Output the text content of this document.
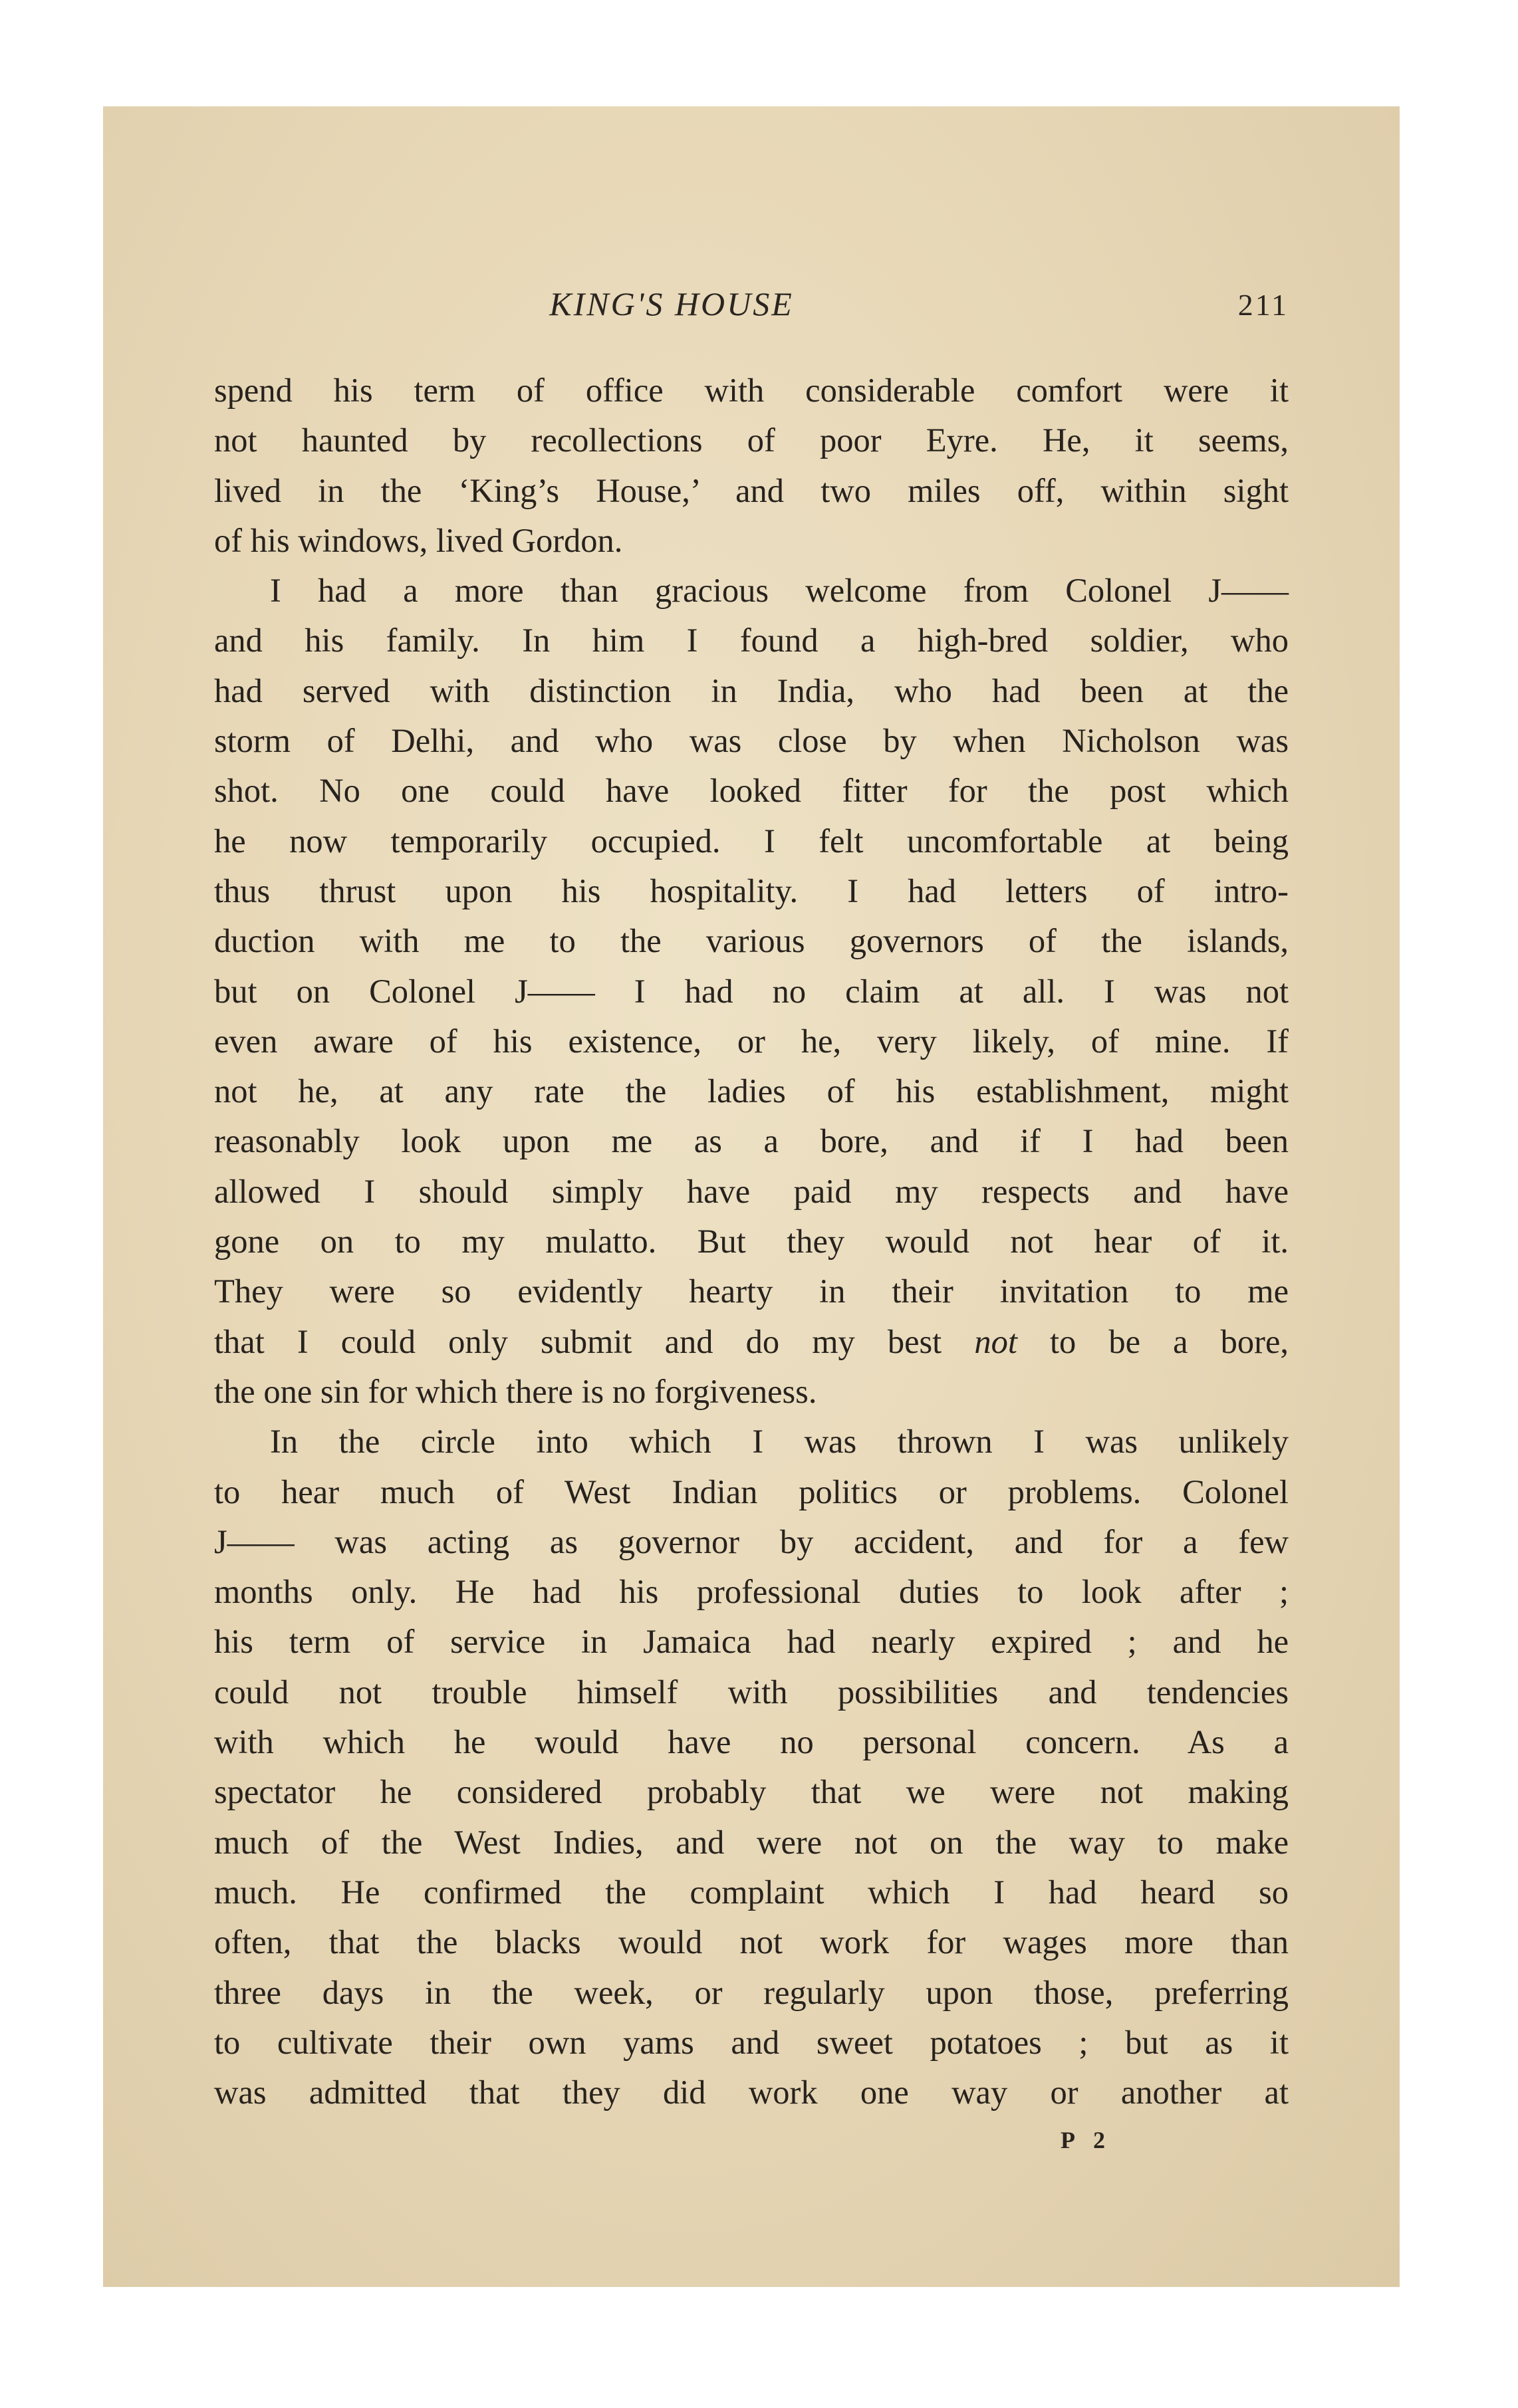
KING'S HOUSE	211
spend his term of office with considerable comfort were it
not haunted by recollections of poor Eyre. He, it seems,
lived in the ‘King’s House,’ and two miles off, within sight
of his windows, lived Gordon.
I had a more than gracious welcome from Colonel J——
and his family. In him I found a high-bred soldier, who
had served with distinction in India, who had been at the
storm of Delhi, and who was close by when Nicholson was
shot. No one could have looked fitter for the post which
he now temporarily occupied. I felt uncomfortable at being
thus thrust upon his hospitality. I had letters of intro-
duction with me to the various governors of the islands,
but on Colonel J—— I had no claim at all. I was not
even aware of his existence, or he, very likely, of mine. If
not he, at any rate the ladies of his establishment, might
reasonably look upon me as a bore, and if I had been
allowed I should simply have paid my respects and have
gone on to my mulatto. But they would not hear of it.
They were so evidently hearty in their invitation to me
that I could only submit and do my best not to be a bore,
the one sin for which there is no forgiveness.
In the circle into which I was thrown I was unlikely
to hear much of West Indian politics or problems. Colonel
J—— was acting as governor by accident, and for a few
months only. He had his professional duties to look after ;
his term of service in Jamaica had nearly expired ; and he
could not trouble himself with possibilities and tendencies
with which he would have no personal concern. As a
spectator he considered probably that we were not making
much of the West Indies, and were not on the way to make
much. He confirmed the complaint which I had heard so
often, that the blacks would not work for wages more than
three days in the week, or regularly upon those, preferring
to cultivate their own yams and sweet potatoes ; but as it
was admitted that they did work one way or another at
P 2
